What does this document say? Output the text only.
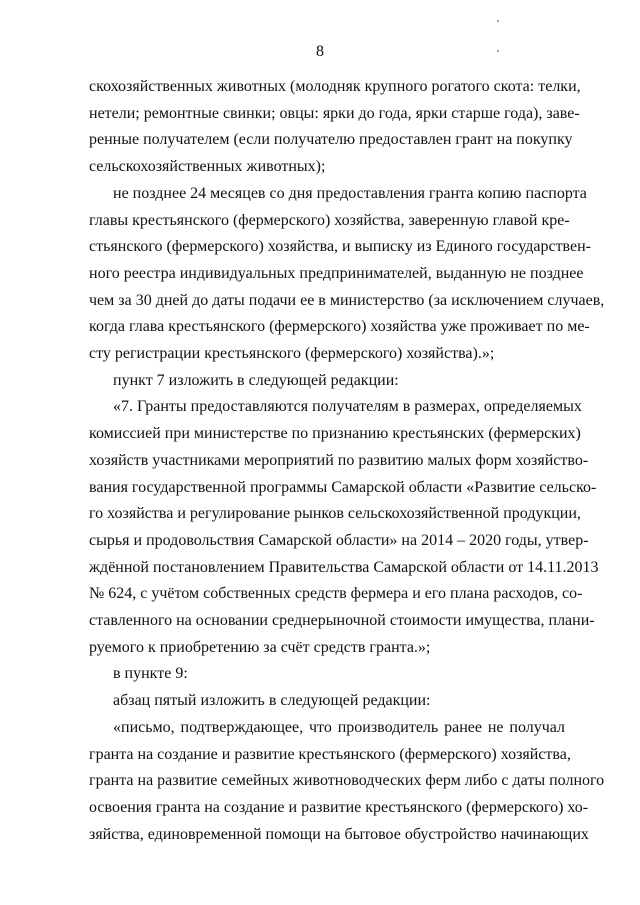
8

скохозяйственных животных (молодняк крупного рогатого скота: телки,
нетели; ремонтные свинки; овцы: ярки до года, ярки старше года), заве-
ренные получателем (если получателю предоставлен грант на покупку
сельскохозяйственных животных);

не позднее 24 месяцев со дня предоставления гранта копию паспорта
главы крестьянского (фермерского) хозяйства, заверенную главой кре-
стьянского (фермерского) хозяйства, и выписку из Единого государствен-
ного реестра индивидуальных предпринимателей, выданную не позднее
чем за 30 дней до даты подачи ее в министерство (за исключением случаев,
когда глава крестьянского (фермерского) хозяйства уже проживает по ме-
сту регистрации крестьянского (фермерского) хозяйства).»;

пункт 7 изложить в следующей редакции:

«7. Гранты предоставляются получателям в размерах, определяемых
комиссией при министерстве по признанию крестьянских (фермерских)
хозяйств участниками мероприятий по развитию малых форм хозяйство-
вания государственной программы Самарской области «Развитие сельско-
го хозяйства и регулирование рынков сельскохозяйственной продукции,
сырья и продовольствия Самарской области» на 2014 – 2020 годы, утвер-
ждённой постановлением Правительства Самарской области от 14.11.2013
№ 624, с учётом собственных средств фермера и его плана расходов, со-
ставленного на основании среднерыночной стоимости имущества, плани-
руемого к приобретению за счёт средств гранта.»;

в пункте 9:

абзац пятый изложить в следующей редакции:

«письмо, подтверждающее, что производитель ранее не получал
гранта на создание и развитие крестьянского (фермерского) хозяйства,
гранта на развитие семейных животноводческих ферм либо с даты полного
освоения гранта на создание и развитие крестьянского (фермерского) хо-
зяйства, единовременной помощи на бытовое обустройство начинающих
